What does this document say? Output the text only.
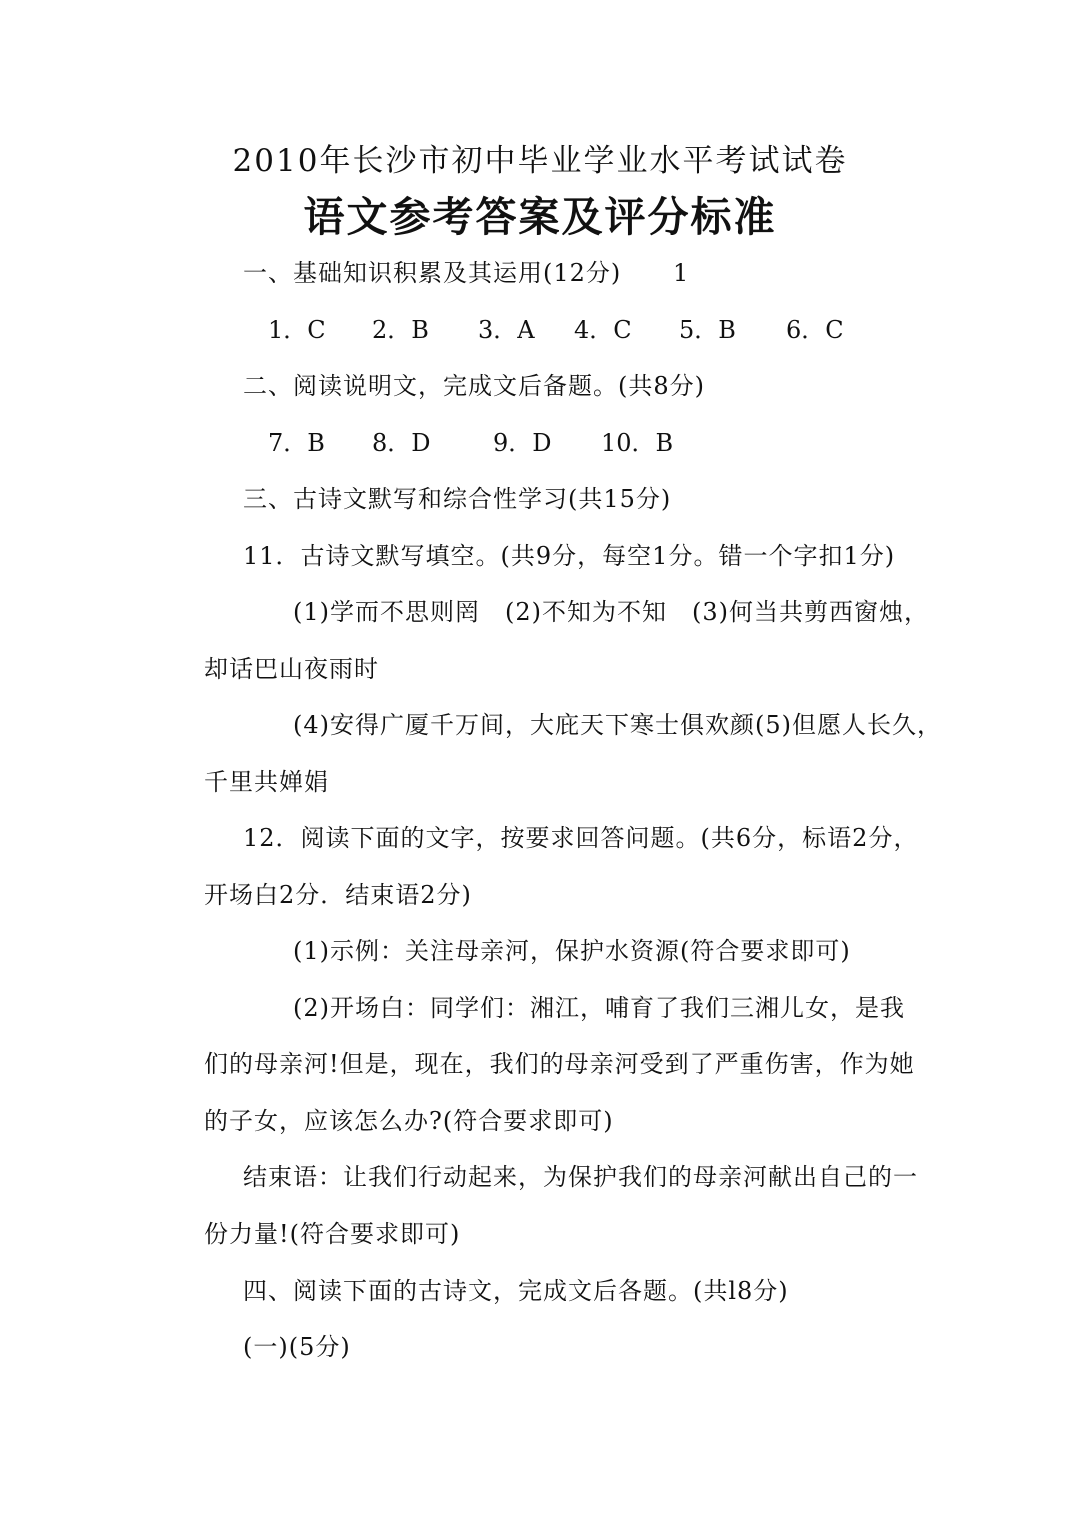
2010年长沙市初中毕业学业水平考试试卷
语文参考答案及评分标准
一、基础知识积累及其运用(12分) 1
1．C 2．B 3．A 4．C 5．B 6．C
二、阅读说明文，完成文后备题。(共8分)
7．B 8．D	9．D 10．B
三、古诗文默写和综合性学习(共15分)
11．古诗文默写填空。(共9分，每空1分。错一个字扣1分)
(1)学而不思则罔　(2)不知为不知　(3)何当共剪西窗烛，
却话巴山夜雨时
(4)安得广厦千万间，大庇天下寒士俱欢颜(5)但愿人长久，
千里共婵娟
12．阅读下面的文字，按要求回答问题。(共6分，标语2分，
开场白2分．结束语2分)
(1)示例：关注母亲河，保护水资源(符合要求即可)
(2)开场白：同学们：湘江，哺育了我们三湘儿女，是我
们的母亲河!但是，现在，我们的母亲河受到了严重伤害，作为她
的子女，应该怎么办?(符合要求即可)
结束语：让我们行动起来，为保护我们的母亲河献出自己的一
份力量!(符合要求即可)
四、阅读下面的古诗文，完成文后各题。(共l8分)
(一)(5分)
